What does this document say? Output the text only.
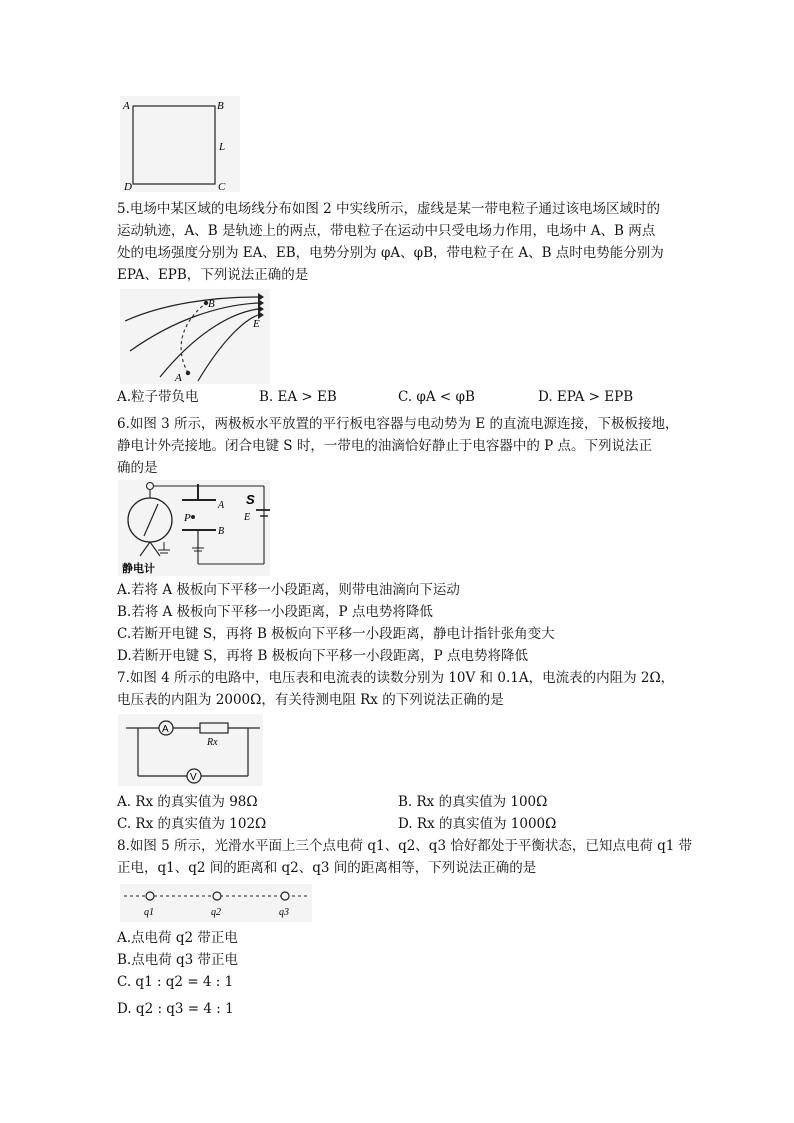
A	B
L
D	C
5.电场中某区域的电场线分布如图 2 中实线所示，虚线是某一带电粒子通过该电场区域时的
运动轨迹，A、B 是轨迹上的两点，带电粒子在运动中只受电场力作用，电场中 A、B 两点
处的电场强度分别为 EA、EB，电势分别为 φA、φB，带电粒子在 A、B 点时电势能分别为
EPA、EPB，下列说法正确的是
A
B
E
A.粒子带负电	B. EA > EB	C. φA < φB	D. EPA > EPB
6.如图 3 所示，两极板水平放置的平行板电容器与电动势为 E 的直流电源连接，下极板接地，
静电计外壳接地。闭合电键 S 时，一带电的油滴恰好静止于电容器中的 P 点。下列说法正
确的是
P
A
B
S
E
静电计
A.若将 A 极板向下平移一小段距离，则带电油滴向下运动
B.若将 A 极板向下平移一小段距离，P 点电势将降低
C.若断开电键 S，再将 B 极板向下平移一小段距离，静电计指针张角变大
D.若断开电键 S，再将 B 极板向下平移一小段距离，P 点电势将降低
7.如图 4 所示的电路中，电压表和电流表的读数分别为 10V 和 0.1A，电流表的内阻为 2Ω，
电压表的内阻为 2000Ω，有关待测电阻 Rx 的下列说法正确的是
A
V
Rx
A. Rx 的真实值为 98Ω	B. Rx 的真实值为 100Ω
C. Rx 的真实值为 102Ω	D. Rx 的真实值为 1000Ω
8.如图 5 所示，光滑水平面上三个点电荷 q1、q2、q3 恰好都处于平衡状态，已知点电荷 q1 带
正电，q1、q2 间的距离和 q2、q3 间的距离相等，下列说法正确的是
q1	q2	q3
A.点电荷 q2 带正电
B.点电荷 q3 带正电
C. q1 : q2 = 4 : 1
D. q2 : q3 = 4 : 1
